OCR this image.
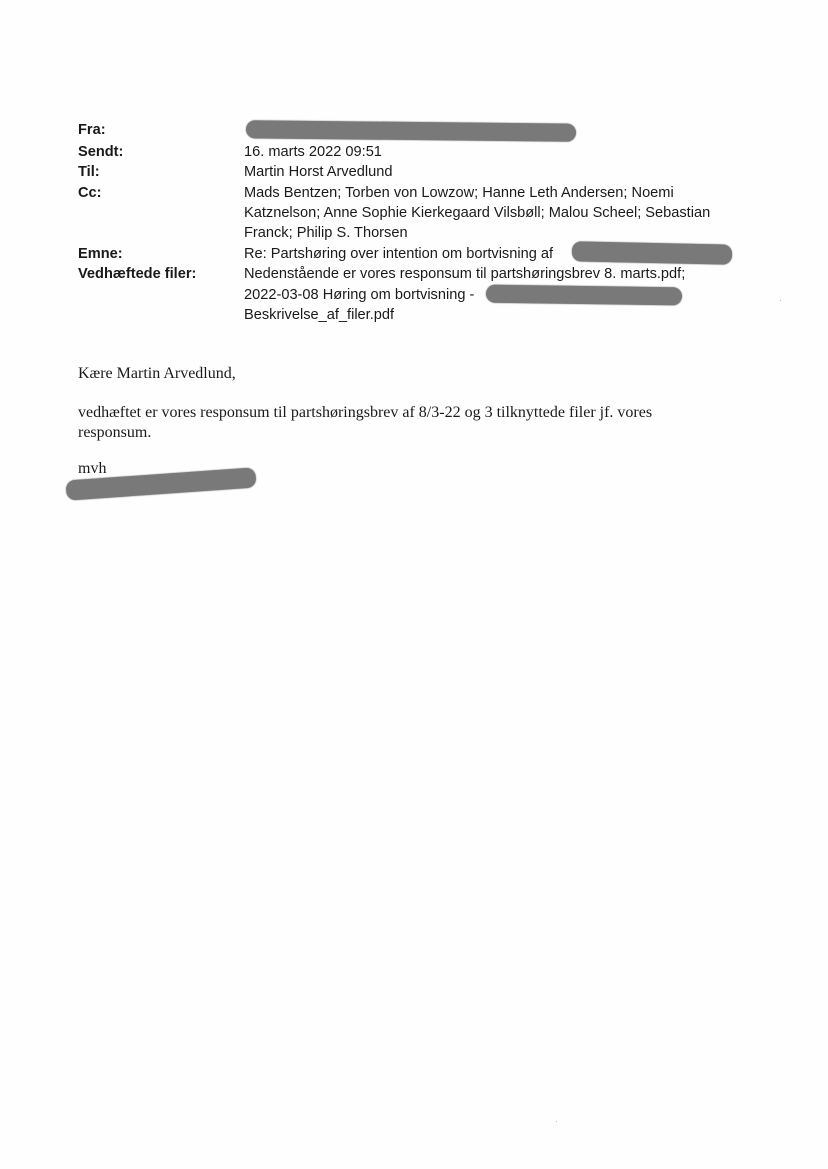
Fra:
Sendt:	16. marts 2022 09:51
Til:	Martin Horst Arvedlund
Cc:	Mads Bentzen; Torben von Lowzow; Hanne Leth Andersen; Noemi
Katznelson; Anne Sophie Kierkegaard Vilsbøll; Malou Scheel; Sebastian
Franck; Philip S. Thorsen
Emne:	Re: Partshøring over intention om bortvisning af
Vedhæftede filer:	Nedenstående er vores responsum til partshøringsbrev 8. marts.pdf;
2022-03-08 Høring om bortvisning -
Beskrivelse_af_filer.pdf
Kære Martin Arvedlund,
vedhæftet er vores responsum til partshøringsbrev af 8/3-22 og 3 tilknyttede filer jf. vores
responsum.
mvh
